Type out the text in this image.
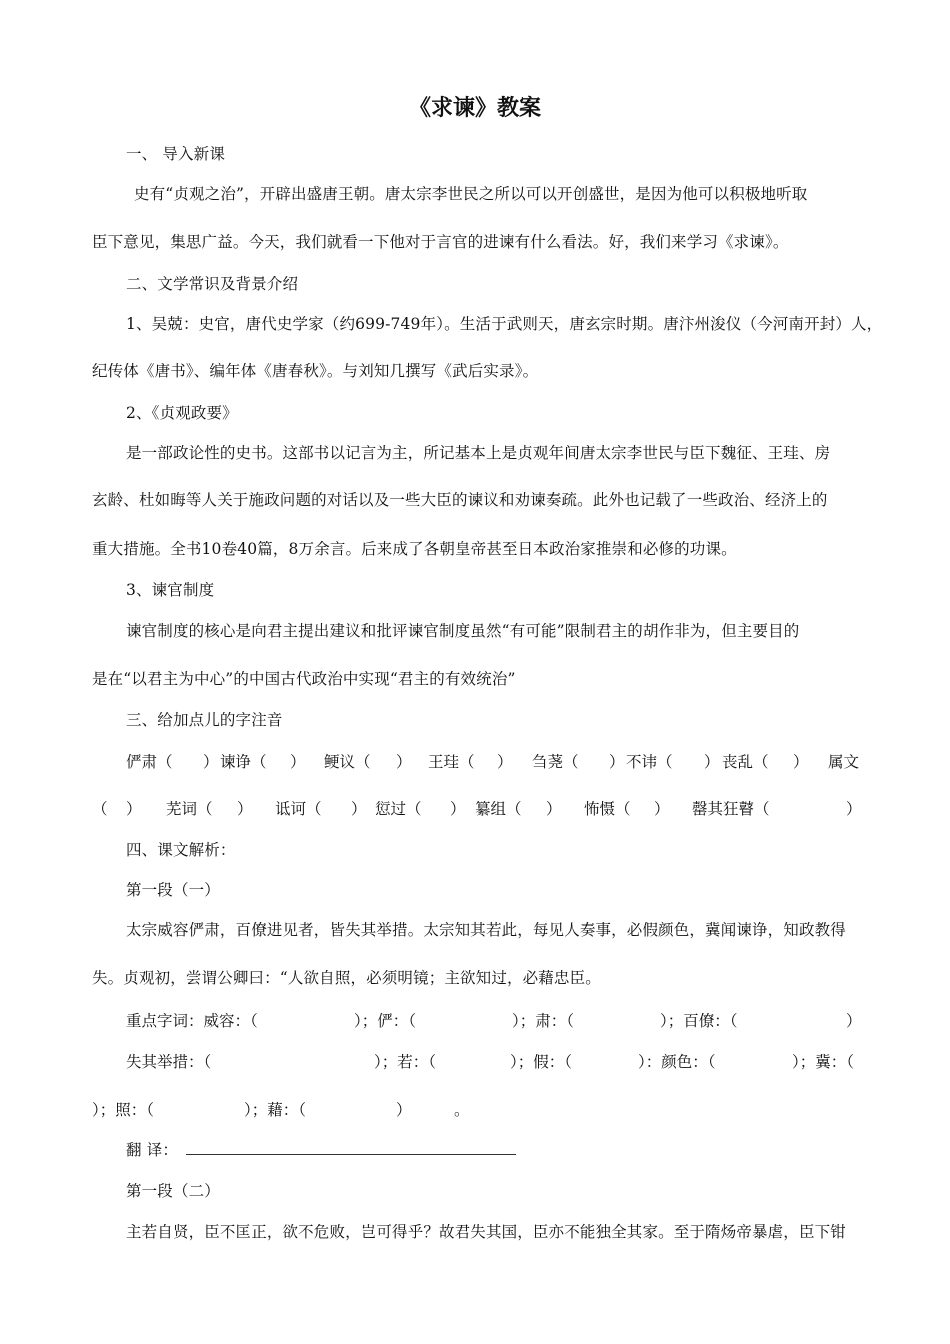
《求谏》教案
一、 导入新课
史有“贞观之治”，开辟出盛唐王朝。唐太宗李世民之所以可以开创盛世，是因为他可以积极地听取
臣下意见，集思广益。今天，我们就看一下他对于言官的进谏有什么看法。好，我们来学习《求谏》。
二、文学常识及背景介绍
1、吴兢：史官，唐代史学家（约699-749年）。生活于武则天，唐玄宗时期。唐汴州浚仪（今河南开封）人，
纪传体《唐书》、编年体《唐春秋》。与刘知几撰写《武后实录》。
2、《贞观政要》
是一部政论性的史书。这部书以记言为主，所记基本上是贞观年间唐太宗李世民与臣下魏征、王珪、房
玄龄、杜如晦等人关于施政问题的对话以及一些大臣的谏议和劝谏奏疏。此外也记载了一些政治、经济上的
重大措施。全书10卷40篇，8万余言。后来成了各朝皇帝甚至日本政治家推崇和必修的功课。
3、谏官制度
谏官制度的核心是向君主提出建议和批评谏官制度虽然“有可能”限制君主的胡作非为，但主要目的
是在“以君主为中心”的中国古代政治中实现“君主的有效统治”
三、给加点儿的字注音
俨肃（ ） 谏诤（ ） 鲠议（ ） 王珪（ ） 刍荛（ ） 不讳（ ） 丧乱（ ） 属文
（ ） 芜词（ ） 诋诃（ ） 愆过（ ） 纂组（ ） 怖慑（ ） 罄其狂瞽（	）
四、课文解析：
第一段（一）
太宗威容俨肃，百僚进见者，皆失其举措。太宗知其若此，每见人奏事，必假颜色，冀闻谏诤，知政教得
失。贞观初，尝谓公卿曰：“人欲自照，必须明镜；主欲知过，必藉忠臣。
重点字词：威容：（	）；俨：（	）；肃：（	）；百僚：（	）
失其举措：（	）；若：（	）；假：（	）：颜色：（	）；冀：（
）；照：（	）；藉：（	）	。
翻 译：
第一段（二）
主若自贤，臣不匡正，欲不危败，岂可得乎？故君失其国，臣亦不能独全其家。至于隋炀帝暴虐，臣下钳
